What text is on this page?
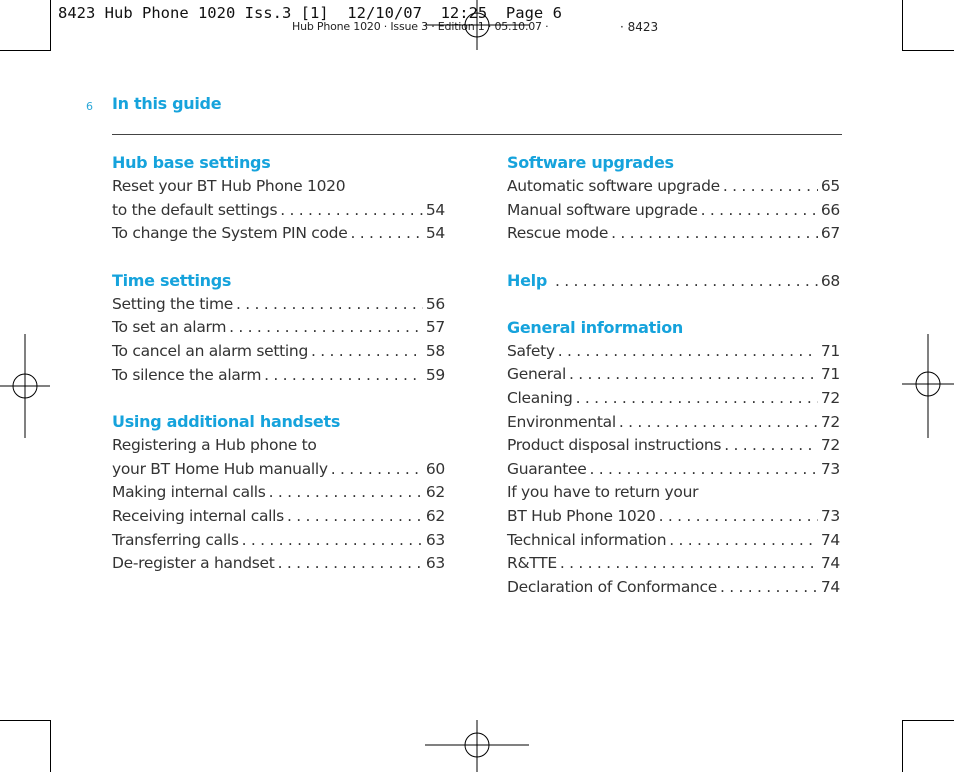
8423 Hub Phone 1020 Iss.3 [1]  12/10/07  12:25  Page 6
Hub Phone 1020 · Issue 3 · Edition 1 · 05.10.07 ·	· 8423
6 In this guide
Hub base settings
Reset your BT Hub Phone 1020
to the default settings . . .	54
To change the System PIN code . . .	54
Time settings
Setting the time . . .	56
To set an alarm . . .	57
To cancel an alarm setting . . .	58
To silence the alarm . . .	59
Using additional handsets
Registering a Hub phone to
your BT Home Hub manually . . .	60
Making internal calls . . .	62
Receiving internal calls . . .	62
Transferring calls . . .	63
De-register a handset . . .	63
Software upgrades
Automatic software upgrade . . .	65
Manual software upgrade . . .	66
Rescue mode . . .	67
Help . . .	68
General information
Safety . . .	71
General . . .	71
Cleaning . . .	72
Environmental . . .	72
Product disposal instructions . . .	72
Guarantee . . .	73
If you have to return your
BT Hub Phone 1020 . . .	73
Technical information . . .	74
R&TTE . . .	74
Declaration of Conformance . . .	74
